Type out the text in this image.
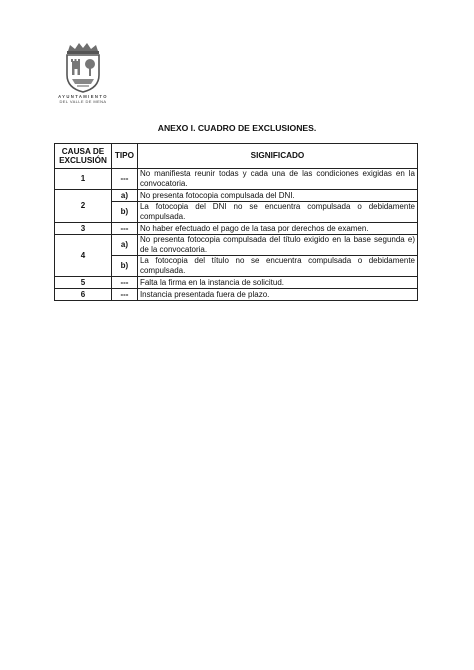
AYUNTAMIENTO
DEL VALLE DE MENA
ANEXO I. CUADRO DE EXCLUSIONES.
CAUSA DE EXCLUSIÓN	TIPO	SIGNIFICADO
1	---	No manifiesta reunir todas y cada una de las condiciones exigidas en la convocatoria.
2	a)	No presenta fotocopia compulsada del DNI.
	b)	La fotocopia del DNI no se encuentra compulsada o debidamente compulsada.
3	---	No haber efectuado el pago de la tasa por derechos de examen.
4	a)	No presenta fotocopia compulsada del título exigido en la base segunda e) de la convocatoria.
	b)	La fotocopia del título no se encuentra compulsada o debidamente compulsada.
5	---	Falta la firma en la instancia de solicitud.
6	---	Instancia presentada fuera de plazo.
